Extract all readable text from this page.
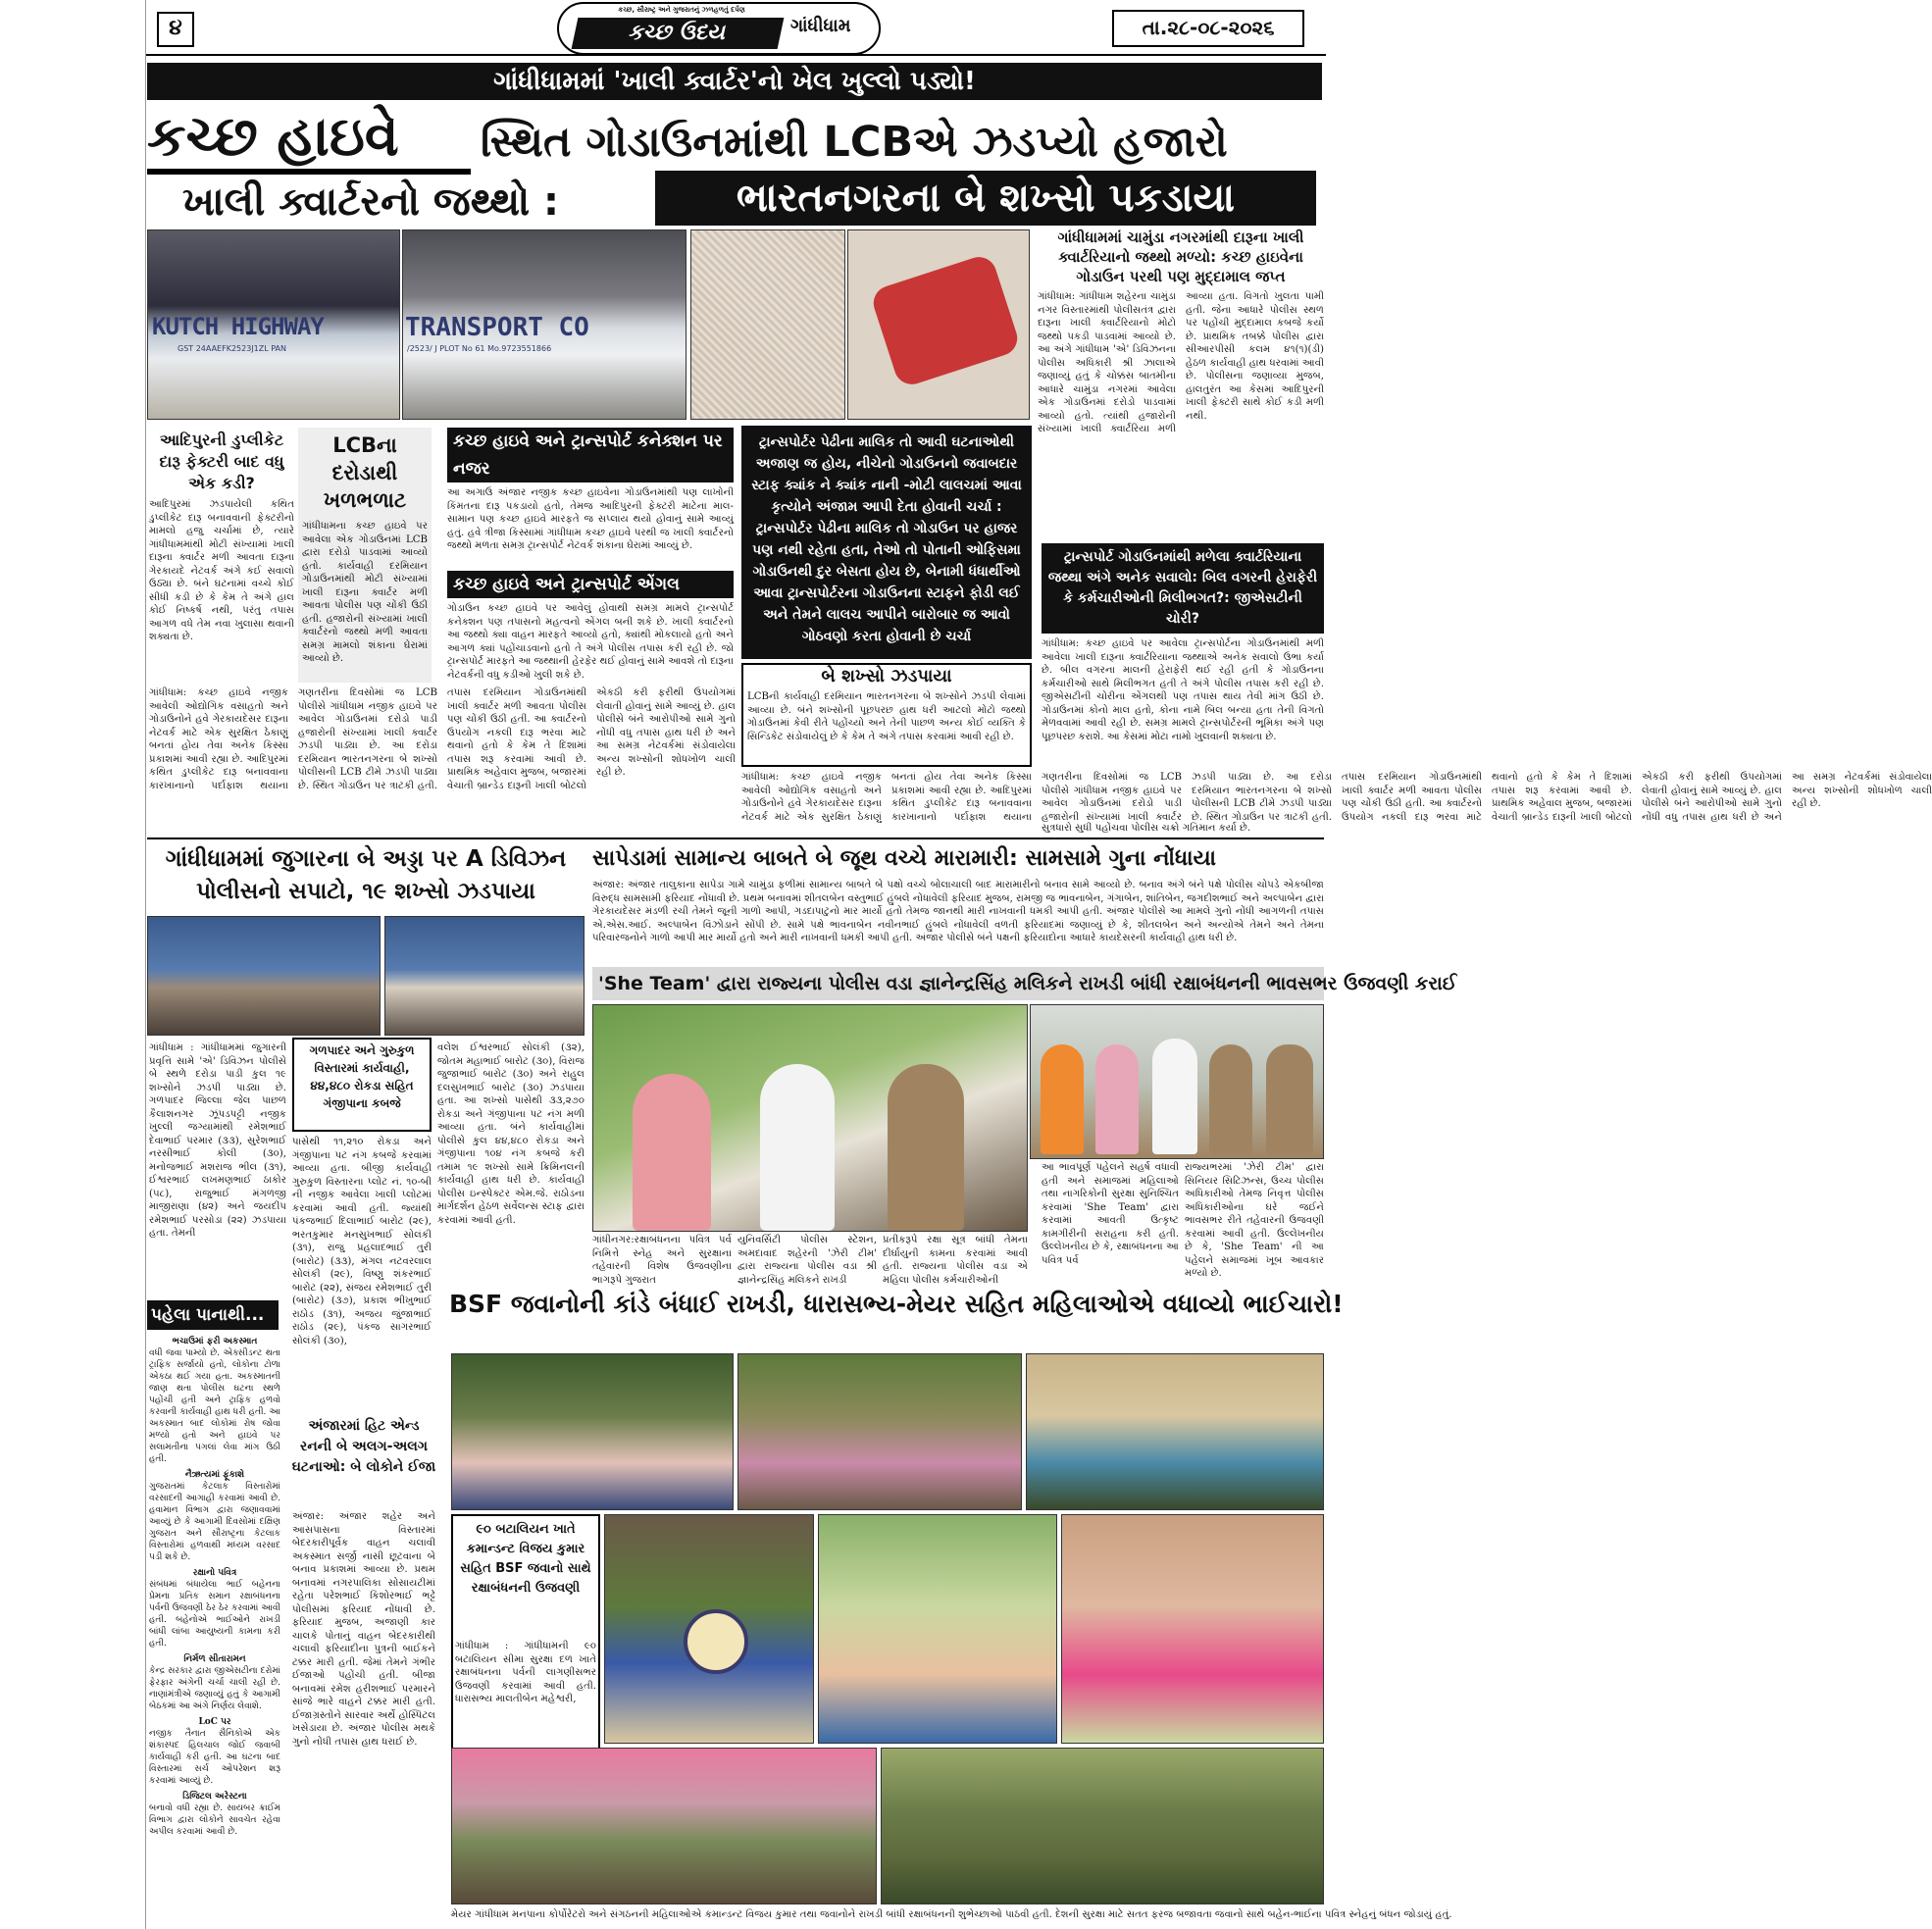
૪
કચ્છ, સૌરાષ્ટ્ર અને ગુજરાતનું ઝળહળતું દર્પણ
કચ્છ ઉદય	ગાંધીધામ	તા.૨૮-૦૮-૨૦૨૬
ગાંધીધામમાં 'ખાલી ક્વાર્ટર'નો ખેલ ખુલ્લો પડ્યો!
કચ્છ હાઇવે	સ્થિત ગોડાઉનમાંથી LCBએ ઝડપ્યો હજારો
ખાલી ક્વાર્ટરનો જથ્થો :	ભારતનગરના બે શખ્સો પકડાયા
KUTCH HIGHWAY
GST 24AAEFK2523J1ZL PAN
TRANSPORT CO
/2523/ J PLOT No 61 Mo.9723551866
ગાંધીધામમાં ચામુંડા નગરમાંથી દારૂના ખાલી ક્વાર્ટરિયાનો જથ્થો મળ્યો: કચ્છ હાઇવેના ગોડાઉન પરથી પણ મુદ્દામાલ જપ્ત
ગાંધીધામ: ગાંધીધામ શહેરના ચામુંડા નગર વિસ્તારમાંથી પોલીસતંત્ર દ્વારા દારૂના ખાલી ક્વાર્ટરિયાનો મોટો જથ્થો પકડી પાડવામાં આવ્યો છે. આ અંગે ગાંધીધામ 'એ' ડિવિઝનના પોલીસ અધિકારી શ્રી ઝાલાએ જણાવ્યું હતું કે ચોક્કસ બાતમીના આધારે ચામુંડા નગરમાં આવેલા એક ગોડાઉનમાં દરોડો પાડવામાં આવ્યો હતો. ત્યાંથી હજારોની સંખ્યામાં ખાલી ક્વાર્ટરિયા મળી આવ્યા હતા. વિગતો ખુલતા પામી હતી. જેના આધારે પોલીસ સ્થળ પર પહોંચી મુદ્દામાલ કબજે કર્યો છે. પ્રાથમિક તબક્કે પોલીસ દ્વારા સીઆરપીસી કલમ ૪૧(૧)(ડી) હેઠળ કાર્યવાહી હાથ ધરવામાં આવી છે. પોલીસના જણાવ્યા મુજબ, હાલતુરંત આ કેસમાં આદિપુરની ખાલી ફેક્ટરી સાથે કોઈ કડી મળી નથી.
આદિપુરની ડુપ્લીકેટ દારૂ ફેક્ટરી બાદ વધુ એક કડી?
આદિપુરમાં ઝડપાયેલી કથિત ડુપ્લીકેટ દારૂ બનાવવાની ફેક્ટરીનો મામલો હજુ ચર્ચામાં છે, ત્યારે ગાંધીધામમાંથી મોટી સંખ્યામાં ખાલી દારૂના ક્વાર્ટર મળી આવતા દારૂના ગેરકાયદે નેટવર્ક અંગે કઈ સવાલો ઉઠ્યા છે. બંને ઘટનામાં વચ્ચે કોઈ સીધી કડી છે કે કેમ તે અંગે હાલ કોઈ નિષ્કર્ષ નથી, પરંતુ તપાસ આગળ વધે તેમ નવા ખુલાસા થવાની શક્યતા છે.
LCBના દરોડાથી ખળભળાટ
ગાંધીધામના કચ્છ હાઇવે પર આવેલા એક ગોડાઉનમાં LCB દ્વારા દરોડો પાડવામાં આવ્યો હતો. કાર્યવાહી દરમિયાન ગોડાઉનમાંથી મોટી સંખ્યામાં ખાલી દારૂના ક્વાર્ટર મળી આવતા પોલીસ પણ ચોંકી ઉઠી હતી. હજારોની સંખ્યામાં ખાલી ક્વાર્ટરનો જથ્થો મળી આવતા સમગ્ર મામલો શંકાના ઘેરામાં આવ્યો છે.
કચ્છ હાઇવે અને ટ્રાન્સપોર્ટ કનેક્શન પર નજર
આ અગાઉ અંજાર નજીક કચ્છ હાઇવેના ગોડાઉનમાંથી પણ લાખોની કિંમતના દારૂ પકડાયો હતો, તેમજ આદિપુરની ફેક્ટરી માટેના માલ-સામાન પણ કચ્છ હાઇવે મારફતે જ સપ્લાય થયો હોવાનું સામે આવ્યું હતું. હવે ત્રીજા કિસ્સામાં ગાંધીધામ કચ્છ હાઇવે પરથી જ ખાલી ક્વાર્ટરનો જથ્થો મળતા સમગ્ર ટ્રાન્સપોર્ટ નેટવર્ક શંકાના ઘેરામાં આવ્યું છે.
કચ્છ હાઇવે અને ટ્રાન્સપોર્ટ એંગલ
ગોડાઉન કચ્છ હાઇવે પર આવેલું હોવાથી સમગ્ર મામલે ટ્રાન્સપોર્ટ કનેક્શન પણ તપાસનો મહત્વનો એંગલ બની શકે છે. ખાલી ક્વાર્ટરનો આ જથ્થો ક્યા વાહન મારફતે આવ્યો હતો, ક્યાંથી મોકલાયો હતો અને આગળ ક્યાં પહોંચાડવાનો હતો તે અંગે પોલીસ તપાસ કરી રહી છે. જો ટ્રાન્સપોર્ટ મારફતે આ જથ્થાની હેરફેર થઈ હોવાનું સામે આવશે તો દારૂના નેટવર્કની વધુ કડીઓ ખુલી શકે છે.
ટ્રાન્સપોર્ટર પેઢીના માલિક તો આવી ઘટનાઓથી અજાણ જ હોય, નીચેનો ગોડાઉનનો જવાબદાર સ્ટાફ ક્યાંક ને ક્યાંક નાની -મોટી લાલચમાં આવા કૃત્યોને અંજામ આપી દેતા હોવાની ચર્ચા : ટ્રાન્સપોર્ટર પેઢીના માલિક તો ગોડાઉન પર હાજર પણ નથી રહેતા હતા, તેઓ તો પોતાની ઓફિસમા ગોડાઉનથી દુર બેસતા હોય છે, બેનામી ધંધાર્થીઓ આવા ટ્રાન્સપોર્ટરના ગોડાઉનના સ્ટાફને ફોડી લઈ અને તેમને લાલચ આપીને બારોબાર જ આવો ગોઠવણો કરતા હોવાની છે ચર્ચા
બે શખ્સો ઝડપાયા
LCBની કાર્યવાહી દરમિયાન ભારતનગરના બે શખ્સોને ઝડપી લેવામાં આવ્યા છે. બંને શખ્સોની પૂછપરછ હાથ ધરી આટલો મોટો જથ્થો ગોડાઉનમાં કેવી રીતે પહોંચ્યો અને તેની પાછળ અન્ય કોઈ વ્યક્તિ કે સિન્ડિકેટ સંડોવાયેલું છે કે કેમ તે અંગે તપાસ કરવામાં આવી રહી છે.
ટ્રાન્સપોર્ટ ગોડાઉનમાંથી મળેલા ક્વાર્ટરિયાના જથ્થા અંગે અનેક સવાલો: બિલ વગરની હેરાફેરી કે કર્મચારીઓની મિલીભગત?: જીએસટીની ચોરી?
ગાંધીધામ: કચ્છ હાઇવે પર આવેલા ટ્રાન્સપોર્ટના ગોડાઉનમાંથી મળી આવેલા ખાલી દારૂના ક્વાર્ટરિયાના જથ્થાએ અનેક સવાલો ઉભા કર્યા છે. બીલ વગરના માલની હેરાફેરી થઈ રહી હતી કે ગોડાઉનના કર્મચારીઓ સાથે મિલીભગત હતી તે અંગે પોલીસ તપાસ કરી રહી છે. જીએસટીની ચોરીના એંગલથી પણ તપાસ થાય તેવી માંગ ઉઠી છે. ગોડાઉનમાં કોનો માલ હતો, કોના નામે બિલ બન્યા હતા તેની વિગતો મેળવવામાં આવી રહી છે. સમગ્ર મામલે ટ્રાન્સપોર્ટરની ભૂમિકા અંગે પણ પૂછપરછ કરાશે. આ કેસમાં મોટા નામો ખુલવાની શક્યતા છે.
ગાંધીધામ: કચ્છ હાઇવે નજીક આવેલી ઓદ્યોગિક વસાહતો અને ગોડાઉનોને હવે ગેરકાયદેસર દારૂના નેટવર્ક માટે એક સુરક્ષિત ઠેકાણું બનતાં હોય તેવા અનેક કિસ્સા પ્રકાશમાં આવી રહ્યા છે. આદિપુરમાં કથિત ડુપ્લીકેટ દારૂ બનાવવાના કારખાનાનો પર્દાફાશ થયાના ગણતરીના દિવસોમાં જ LCB પોલીસે ગાંધીધામ નજીક હાઇવે પર આવેલ ગોડાઉનમાં દરોડો પાડી હજારોની સંખ્યામાં ખાલી ક્વાર્ટર ઝડપી પાડ્યા છે. આ દરોડા દરમિયાન ભારતનગરના બે શખ્સો પોલીસની LCB ટીમે ઝડપી પાડ્યા છે. સ્થિત ગોડાઉન પર ત્રાટકી હતી. તપાસ દરમિયાન ગોડાઉનમાંથી ખાલી ક્વાર્ટર મળી આવતા પોલીસ પણ ચોંકી ઉઠી હતી. આ ક્વાર્ટરનો ઉપયોગ નકલી દારૂ ભરવા માટે થવાનો હતો કે કેમ તે દિશામાં તપાસ શરૂ કરવામાં આવી છે. પ્રાથમિક અહેવાલ મુજબ, બજારમાં વેચાતી બ્રાન્ડેડ દારૂની ખાલી બોટલો એકઠી કરી ફરીથી ઉપયોગમાં લેવાતી હોવાનું સામે આવ્યું છે. હાલ પોલીસે બંને આરોપીઓ સામે ગુનો નોંધી વધુ તપાસ હાથ ધરી છે અને આ સમગ્ર નેટવર્કમાં સંડોવાયેલા અન્ય શખ્સોની શોધખોળ ચાલી રહી છે.	ગાંધીધામ: કચ્છ હાઇવે નજીક આવેલી ઓદ્યોગિક વસાહતો અને ગોડાઉનોને હવે ગેરકાયદેસર દારૂના નેટવર્ક માટે એક સુરક્ષિત ઠેકાણું બનતાં હોય તેવા અનેક કિસ્સા પ્રકાશમાં આવી રહ્યા છે. આદિપુરમાં કથિત ડુપ્લીકેટ દારૂ બનાવવાના કારખાનાનો પર્દાફાશ થયાના ગણતરીના દિવસોમાં જ LCB પોલીસે ગાંધીધામ નજીક હાઇવે પર આવેલ ગોડાઉનમાં દરોડો પાડી હજારોની સંખ્યામાં ખાલી ક્વાર્ટર ઝડપી પાડ્યા છે. આ દરોડા દરમિયાન ભારતનગરના બે શખ્સો પોલીસની LCB ટીમે ઝડપી પાડ્યા છે. સ્થિત ગોડાઉન પર ત્રાટકી હતી. તપાસ દરમિયાન ગોડાઉનમાંથી ખાલી ક્વાર્ટર મળી આવતા પોલીસ પણ ચોંકી ઉઠી હતી. આ ક્વાર્ટરનો ઉપયોગ નકલી દારૂ ભરવા માટે થવાનો હતો કે કેમ તે દિશામાં તપાસ શરૂ કરવામાં આવી છે. પ્રાથમિક અહેવાલ મુજબ, બજારમાં વેચાતી બ્રાન્ડેડ દારૂની ખાલી બોટલો એકઠી કરી ફરીથી ઉપયોગમાં લેવાતી હોવાનું સામે આવ્યું છે. હાલ પોલીસે બંને આરોપીઓ સામે ગુનો નોંધી વધુ તપાસ હાથ ધરી છે અને આ સમગ્ર નેટવર્કમાં સંડોવાયેલા અન્ય શખ્સોની શોધખોળ ચાલી રહી છે.
સુત્રધારો સુધી પહોંચવા પોલીસ ચક્રો ગતિમાન કર્યા છે.
ગાંધીધામમાં જુગારના બે અડ્ડા પર A ડિવિઝન પોલીસનો સપાટો, ૧૯ શખ્સો ઝડપાયા
ગાંધીધામ : ગાંધીધામમાં જુગારની પ્રવૃત્તિ સામે 'એ' ડિવિઝન પોલીસે બે સ્થળે દરોડા પાડી કુલ ૧૯ શખ્સોને ઝડપી પાડ્યા છે. ગળપાદર જિલ્લા જેલ પાછળ કૈલાશનગર ઝૂંપડપટ્ટી નજીક ખુલ્લી જગ્યામાંથી રમેશભાઈ દેવાભાઈ પરમાર (૩૩), સુરેશભાઈ નરસીભાઈ કોલી (૩૦), મનોજભાઈ મશરાજ ભીલ (૩૧), ઈશ્વરભાઈ લખમણભાઈ ઠાકોર (૫૮), રાજુભાઈ મંગળજી માજીરાણા (૪૨) અને જયદીપ રમેશભાઈ પરસોડા (૨૨) ઝડપાયા હતા. તેમની
ગળપાદર અને ગુરુકુળ વિસ્તારમાં કાર્યવાહી, ૪૪,૪૮૦ રોકડા સહિત ગંજીપાના કબજે
પાસેથી ૧૧,૨૧૦ રોકડા અને ગંજીપાના પટ નંગ કબજે કરવામાં આવ્યા હતા. બીજી કાર્યવાહી ગુરુકુળ વિસ્તારના પ્લોટ નં. ૧૦-બી ની નજીક આવેલા ખાલી પ્લોટમાં કરવામાં આવી હતી. જ્યાંથી પંકજભાઈ દિલાભાઈ બારોટ (૨૯), ભરતકુમાર મનસુખભાઈ સોલંકી (૩૧), રાજુ પ્રહલાદભાઈ તુરી (બારોટ) (૩૩), મંગલ નટવરલાલ સોલંકી (૨૯), વિષ્ણુ શંકરભાઈ બારોટ (૨૨), સંજય રમેશભાઈ તુરી (બારોટ) (૩૭), પ્રકાશ ભીખુભાઈ રાઠોડ (૩૧), અજય જુંજાભાઈ રાઠોડ (૨૯), પંકજ સાગરભાઈ સોલંકી (૩૦),
વલેશ ઈશ્વરભાઈ સોલંકી (૩૨), જોતમ મહાભાઈ બારોટ (૩૦), વિરાજ જુજાભાઈ બારોટ (૩૦) અને રાહુલ દલસુખભાઈ બારોટ (૩૦) ઝડપાયા હતા. આ શખ્સો પાસેથી ૩૩,૨૭૦ રોકડા અને ગંજીપાના પટ નંગ મળી આવ્યા હતા. બંને કાર્યવાહીમાં પોલીસે કુલ ૪૪,૪૮૦ રોકડા અને ગંજીપાના ૧૦૪ નંગ કબજે કરી તમામ ૧૯ શખ્સો સામે ક્રિમિનલની કાર્યવાહી હાથ ધરી છે. કાર્યવાહી પોલીસ ઇન્સ્પેક્ટર એમ.જે. રાઠોડના માર્ગદર્શન હેઠળ સર્વેલન્સ સ્ટાફ દ્વારા કરવામાં આવી હતી.
સાપેડામાં સામાન્ય બાબતે બે જૂથ વચ્ચે મારામારી: સામસામે ગુના નોંધાયા
અંજાર: અંજાર તાલુકાના સાપેડા ગામે ચામુંડા ફળીમાં સામાન્ય બાબતે બે પક્ષો વચ્ચે બોલાચાલી બાદ મારામારીનો બનાવ સામે આવ્યો છે. બનાવ અંગે બંને પક્ષે પોલીસ ચોપડે એકબીજા વિરુદ્ધ સામસામી ફરિયાદ નોંધાવી છે. પ્રથમ બનાવમાં શીતલબેન વસ્તુભાઈ હુંબલે નોંધાવેલી ફરિયાદ મુજબ, રામજી જ ભાવનાબેન, ગંગાબેન, શાંતિબેન, જગદીશભાઈ અને અલ્પાબેન દ્વારા ગેરકાયદેસર મંડળી રચી તેમને જૂની ગાળો આપી, ગડદાપાટુનો માર માર્યો હતો તેમજ જાનથી મારી નાખવાની ધમકી આપી હતી. અંજાર પોલીસે આ મામલે ગુનો નોંધી આગળની તપાસ એ.એસ.આઈ. અલ્પાબેન વિંઝોડાને સોંપી છે. સામે પક્ષે ભાવનાબેન નવીનભાઈ હુંબલે નોંધાવેલી વળતી ફરિયાદમાં જણાવ્યું છે કે, શીતલબેન અને અન્યોએ તેમને અને તેમના પરિવારજનોને ગાળો આપી માર માર્યો હતો અને મારી નાખવાની ધમકી આપી હતી. અંજાર પોલીસે બંને પક્ષની ફરિયાદોના આધારે કાયદેસરની કાર્યવાહી હાથ ધરી છે.
'She Team' દ્વારા રાજ્યના પોલીસ વડા જ્ઞાનેન્દ્રસિંહ મલિકને રાખડી બાંધી રક્ષાબંધનની ભાવસભર ઉજવણી કરાઈ
આ ભાવપૂર્ણ પહેલને સહર્ષ વધાવી હતી અને સમાજમાં મહિલાઓ તથા નાગરિકોની સુરક્ષા સુનિશ્ચિત કરવામાં 'She Team' દ્વારા કરવામાં આવતી ઉત્કૃષ્ટ કામગીરીની સરાહના કરી હતી. ઉલ્લેખનીય છે કે, રક્ષાબંધનના આ પવિત્ર પર્વ
રાજ્યભરમાં 'ઝેરી ટીમ' દ્વારા સિનિયર સિટિઝન્સ, ઉચ્ચ પોલીસ અધિકારીઓ તેમજ નિવૃત્ત પોલીસ અધિકારીઓના ઘરે જઈને ભાવસભર રીતે તહેવારની ઉજવણી કરવામાં આવી હતી. ઉલ્લેખનીય છે કે, 'She Team' ની આ પહેલને સમાજમાં ખૂબ આવકાર મળ્યો છે.
ગાંધીનગર:રક્ષાબંધનના પવિત્ર પર્વ નિમિત્તે સ્નેહ અને સુરક્ષાના તહેવારની વિશેષ ઉજવણીના ભાગરૂપે ગુજરાત
યુનિવર્સિટી પોલીસ સ્ટેશન, અમદાવાદ શહેરની 'ઝેરી ટીમ' દ્વારા રાજ્યના પોલીસ વડા શ્રી જ્ઞાનેન્દ્રસિંહ મલિકને રાખડી
પ્રતીકરૂપે રક્ષા સૂત્ર બાંધી તેમના દીર્ઘાયુની કામના કરવામાં આવી હતી. રાજ્યના પોલીસ વડા એ મહિલા પોલીસ કર્મચારીઓની
પહેલા પાનાથી...
ભચાઉમાં ફરી અકસ્માત
વધી જવા પામ્યો છે. એક્સીડન્ટ થતા ટ્રાફિક સર્જાયો હતો, લોકોના ટોળા એકઠા થઈ ગયા હતા. અકસ્માતની જાણ થતા પોલીસ ઘટના સ્થળે પહોંચી હતી અને ટ્રાફિક હળવો કરવાની કાર્યવાહી હાથ ધરી હતી. આ અકસ્માત બાદ લોકોમાં રોષ જોવા મળ્યો હતો અને હાઇવે પર સલામતીના પગલાં લેવા માંગ ઉઠી હતી.
નૈઋત્યમાં ફૂંકાશે
ગુજરાતમાં કેટલાક વિસ્તારોમાં વરસાદની આગાહી કરવામાં આવી છે. હવામાન વિભાગ દ્વારા જણાવવામાં આવ્યું છે કે આગામી દિવસોમાં દક્ષિણ ગુજરાત અને સૌરાષ્ટ્રના કેટલાક વિસ્તારોમાં હળવાથી મધ્યમ વરસાદ પડી શકે છે.
રક્ષાનો પવિત્ર
સંબંધમાં બંધાયેલા ભાઈ બહેનના પ્રેમના પ્રતિક સમાન રક્ષાબંધનના પર્વની ઉજવણી ઠેર ઠેર કરવામાં આવી હતી. બહેનોએ ભાઈઓને રાખડી બાંધી લાંબા આયુષ્યની કામના કરી હતી.
નિર્મળ સીતારામન
કેન્દ્ર સરકાર દ્વારા જીએસટીના દરોમાં ફેરફાર અંગેની ચર્ચા ચાલી રહી છે. નાણાંમંત્રીએ જણાવ્યું હતું કે આગામી બેઠકમાં આ અંગે નિર્ણય લેવાશે.
LoC પર
નજીક તૈનાત સૈનિકોએ એક શંકાસ્પદ હિલચાલ જોઈ જવાબી કાર્યવાહી કરી હતી. આ ઘટના બાદ વિસ્તારમાં સર્ચ ઓપરેશન શરૂ કરવામાં આવ્યું છે.
ડિજિટલ અરેસ્ટના
બનાવો વધી રહ્યા છે. સાયબર ક્રાઈમ વિભાગ દ્વારા લોકોને સાવચેત રહેવા અપીલ કરવામાં આવી છે.
અંજારમાં હિટ એન્ડ રનની બે અલગ-અલગ ઘટનાઓ: બે લોકોને ઈજા
અંજાર: અંજાર શહેર અને આસપાસના વિસ્તારમાં બેદરકારીપૂર્વક વાહન ચલાવી અકસ્માત સર્જી નાસી છૂટવાના બે બનાવ પ્રકાશમાં આવ્યા છે. પ્રથમ બનાવમાં નગરપાલિકા સોસાયટીમાં રહેતા પરેશભાઈ કિશોરભાઈ ભટ્ટે પોલીસમાં ફરિયાદ નોંધાવી છે. ફરિયાદ મુજબ, અજાણી કાર ચાલકે પોતાનું વાહન બેદરકારીથી ચલાવી ફરિયાદીના પુત્રની બાઈકને ટક્કર મારી હતી. જેમાં તેમને ગંભીર ઈજાઓ પહોંચી હતી. બીજા બનાવમાં રમેશ હરીશભાઈ પરમારને સાંજે ભારે વાહને ટક્કર મારી હતી. ઈજાગ્રસ્તોને સારવાર અર્થે હોસ્પિટલ ખસેડાયા છે. અંજાર પોલીસ મથકે ગુનો નોંધી તપાસ હાથ ધરાઈ છે.
BSF જવાનોની કાંડે બંધાઈ રાખડી, ધારાસભ્ય-મેયર સહિત મહિલાઓએ વધાવ્યો ભાઈચારો!
૯૦ બટાલિયન ખાતે કમાન્ડન્ટ વિજય કુમાર સહિત BSF જવાનો સાથે રક્ષાબંધનની ઉજવણી
ગાંધીધામ : ગાંધીધામની ૯૦ બટાલિયન સીમા સુરક્ષા દળ ખાતે રક્ષાબંધનના પર્વની લાગણીસભર ઉજવણી કરવામાં આવી હતી. ધારાસભ્ય માલતીબેન મહેશ્વરી,
મેયર ગાંધીધામ મનપાના કોર્પોરેટરો અને સંગઠનની મહિલાઓએ કમાન્ડન્ટ વિજય કુમાર તથા જવાનોને રાખડી બાંધી રક્ષાબંધનની શુભેચ્છાઓ પાઠવી હતી. દેશની સુરક્ષા માટે સતત ફરજ બજાવતા જવાનો સાથે બહેન-ભાઈના પવિત્ર સ્નેહનું બંધન જોડાયું હતું.
